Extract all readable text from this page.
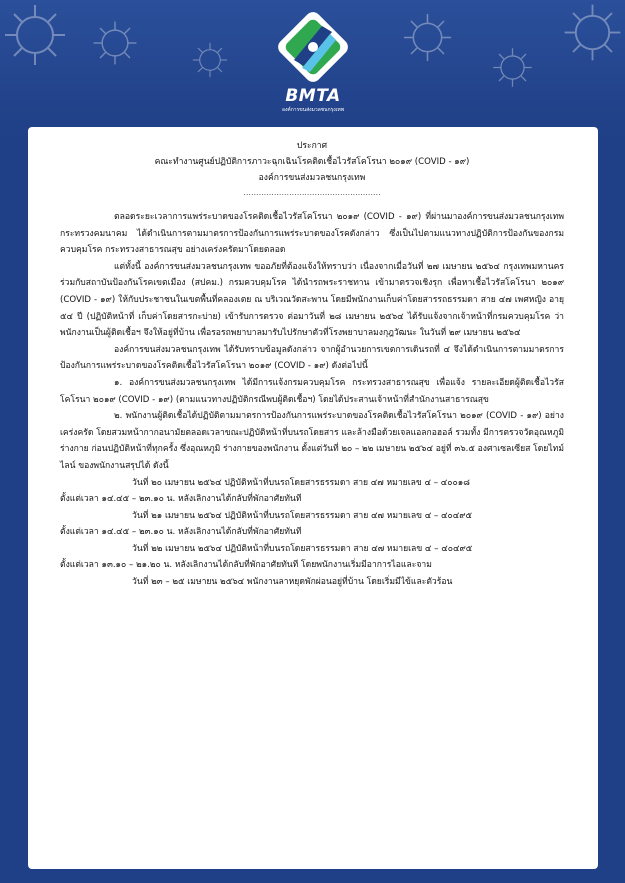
BMTA
องค์การขนส่งมวลชนกรุงเทพ
ประกาศ
คณะทำงานศูนย์ปฏิบัติการภาวะฉุกเฉินโรคติดเชื้อไวรัสโคโรนา ๒๐๑๙ (COVID - ๑๙)
องค์การขนส่งมวลชนกรุงเทพ
......................................................

ตลอดระยะเวลาการแพร่ระบาดของโรคติดเชื้อไวรัสโคโรนา ๒๐๑๙ (COVID - ๑๙) ที่ผ่านมาองค์การขนส่งมวลชนกรุงเทพ กระทรวงคมนาคม ได้ดำเนินการตามมาตรการป้องกันการแพร่ระบาดของโรคดังกล่าว ซึ่งเป็นไปตามแนวทางปฏิบัติการป้องกันของกรมควบคุมโรค กระทรวงสาธารณสุข อย่างเคร่งครัดมาโดยตลอด

แต่ทั้งนี้ องค์การขนส่งมวลชนกรุงเทพ ขออภัยที่ต้องแจ้งให้ทราบว่า เนื่องจากเมื่อวันที่ ๒๗ เมษายน ๒๕๖๔ กรุงเทพมหานคร ร่วมกับสถาบันป้องกันโรคเขตเมือง (สปคม.) กรมควบคุมโรค ได้นำรถพระราชทาน เข้ามาตรวจเชิงรุก เพื่อหาเชื้อไวรัสโคโรนา ๒๐๑๙ (COVID - ๑๙) ให้กับประชาชนในเขตพื้นที่คลองเตย ณ บริเวณวัดสะพาน โดยมีพนักงานเก็บค่าโดยสารรถธรรมดา สาย ๔๗ เพศหญิง อายุ ๕๔ ปี (ปฏิบัติหน้าที่ เก็บค่าโดยสารกะบ่าย) เข้ารับการตรวจ ต่อมาวันที่ ๒๘ เมษายน ๒๕๖๔ ได้รับแจ้งจากเจ้าหน้าที่กรมควบคุมโรค ว่าพนักงานเป็นผู้ติดเชื้อฯ จึงให้อยู่ที่บ้าน เพื่อรอรถพยาบาลมารับไปรักษาตัวที่โรงพยาบาลมงกุฎวัฒนะ ในวันที่ ๒๙ เมษายน ๒๕๖๔

องค์การขนส่งมวลชนกรุงเทพ ได้รับทราบข้อมูลดังกล่าว จากผู้อำนวยการเขตการเดินรถที่ ๔ จึงได้ดำเนินการตามมาตรการป้องกันการแพร่ระบาดของโรคติดเชื้อไวรัสโคโรนา ๒๐๑๙ (COVID - ๑๙) ดังต่อไปนี้

๑. องค์การขนส่งมวลชนกรุงเทพ ได้มีการแจ้งกรมควบคุมโรค กระทรวงสาธารณสุข เพื่อแจ้ง รายละเอียดผู้ติดเชื้อไวรัสโคโรนา ๒๐๑๙ (COVID - ๑๙) (ตามแนวทางปฏิบัติกรณีพบผู้ติดเชื้อฯ) โดยได้ประสานเจ้าหน้าที่สำนักงานสาธารณสุข

๒. พนักงานผู้ติดเชื้อได้ปฏิบัติตามมาตรการป้องกันการแพร่ระบาดของโรคติดเชื้อไวรัสโคโรนา ๒๐๑๙ (COVID - ๑๙) อย่างเคร่งครัด โดยสวมหน้ากากอนามัยตลอดเวลาขณะปฏิบัติหน้าที่บนรถโดยสาร และล้างมือด้วยเจลแอลกอฮอล์ รวมทั้ง มีการตรวจวัดอุณหภูมิร่างกาย ก่อนปฏิบัติหน้าที่ทุกครั้ง ซึ่งอุณหภูมิ ร่างกายของพนักงาน ตั้งแต่วันที่ ๒๐ – ๒๒ เมษายน ๒๕๖๔ อยู่ที่ ๓๖.๕ องศาเซลเซียส โดยไทม์ไลน์ ของพนักงานสรุปได้ ดังนี้

วันที่ ๒๐ เมษายน ๒๕๖๔ ปฏิบัติหน้าที่บนรถโดยสารธรรมดา สาย ๔๗ หมายเลข ๔ – ๔๐๐๑๘

ตั้งแต่เวลา ๑๔.๔๕ – ๒๓.๑๐ น. หลังเลิกงานได้กลับที่พักอาศัยทันที

วันที่ ๒๑ เมษายน ๒๕๖๔ ปฏิบัติหน้าที่บนรถโดยสารธรรมดา สาย ๔๗ หมายเลข ๔ – ๔๐๔๙๕

ตั้งแต่เวลา ๑๔.๔๕ – ๒๓.๑๐ น. หลังเลิกงานได้กลับที่พักอาศัยทันที

วันที่ ๒๒ เมษายน ๒๕๖๔ ปฏิบัติหน้าที่บนรถโดยสารธรรมดา สาย ๔๗ หมายเลข ๔ – ๔๐๔๙๕

ตั้งแต่เวลา ๑๓.๑๐ – ๒๑.๒๐ น. หลังเลิกงานได้กลับที่พักอาศัยทันที โดยพนักงานเริ่มมีอาการไอและจาม

วันที่ ๒๓ – ๒๕ เมษายน ๒๕๖๔ พนักงานลาหยุดพักผ่อนอยู่ที่บ้าน โดยเริ่มมีไข้และตัวร้อน
